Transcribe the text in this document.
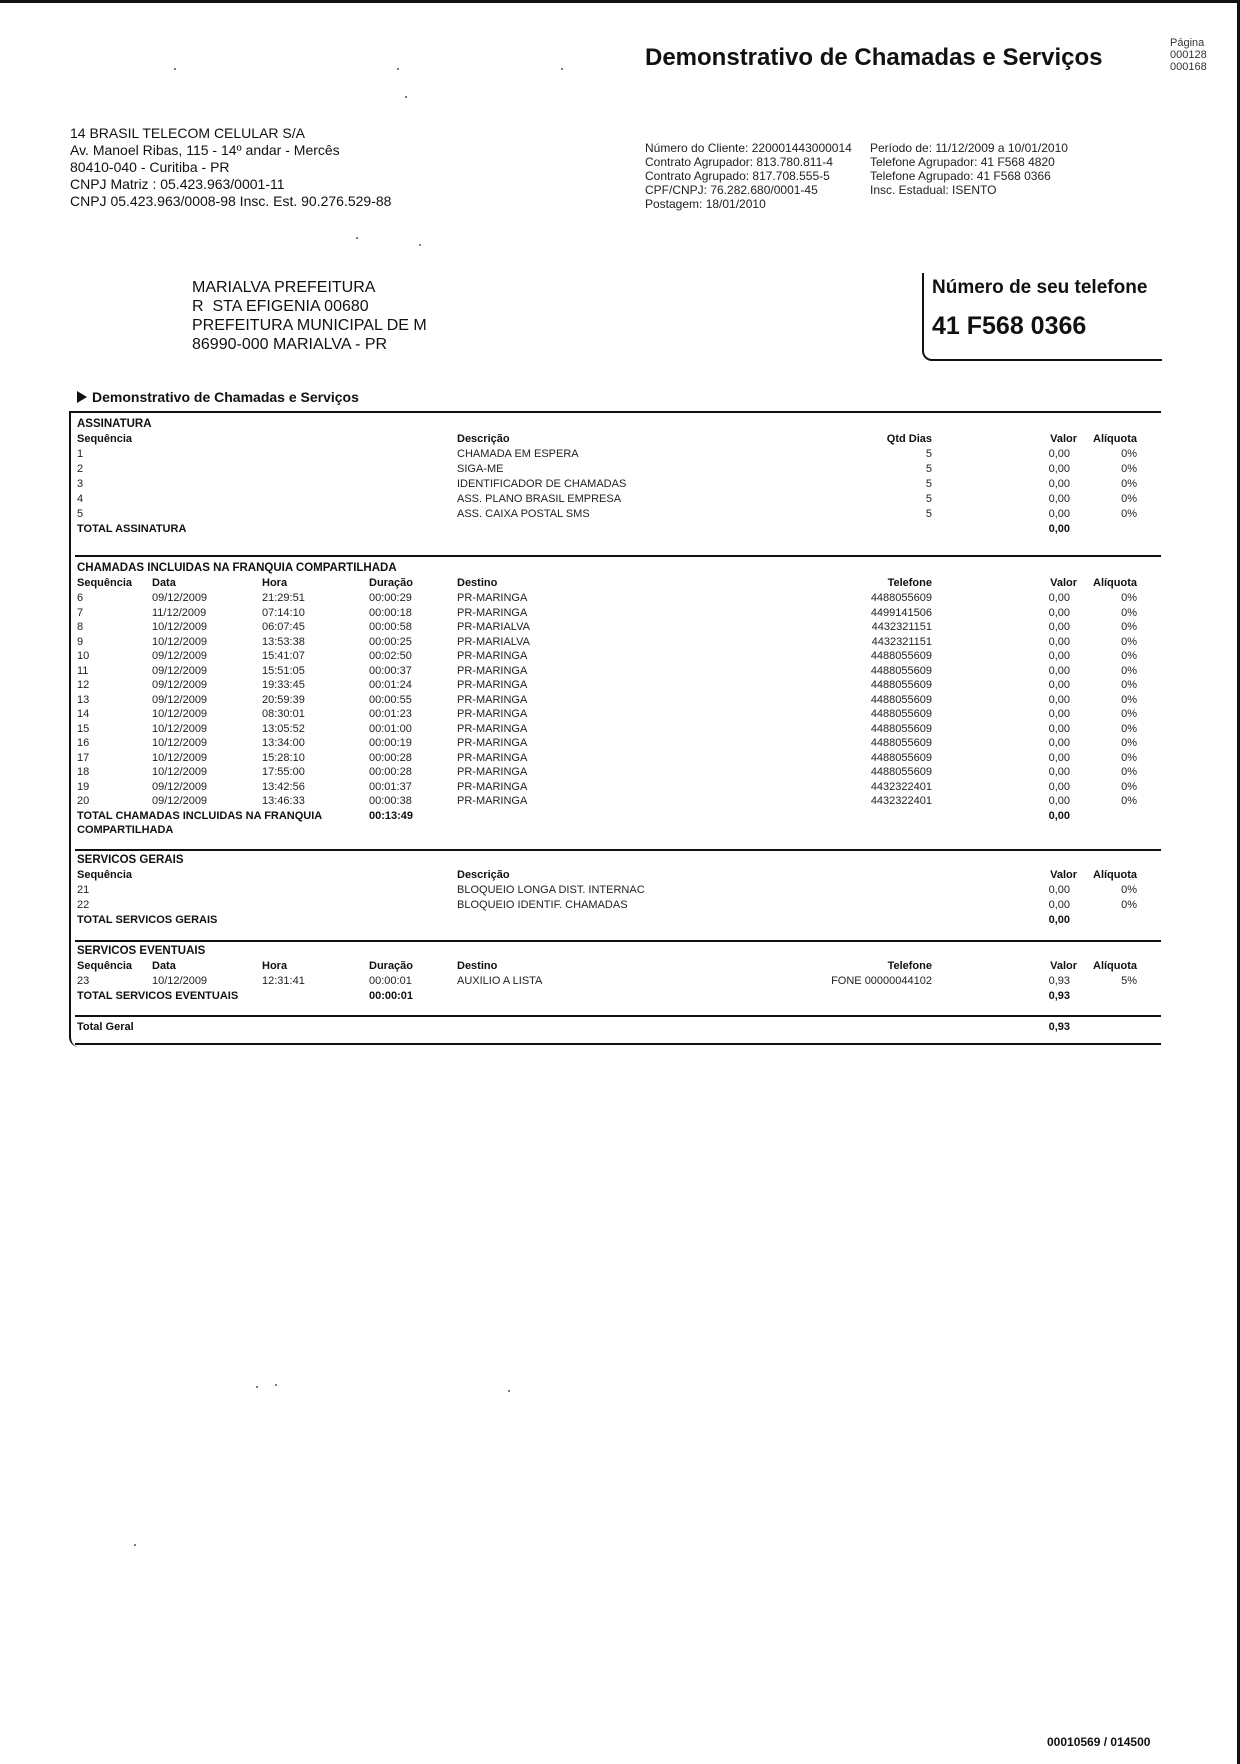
Demonstrativo de Chamadas e Serviços
Página
000128
000168
14 BRASIL TELECOM CELULAR S/A
Av. Manoel Ribas, 115 - 14º andar - Mercês
80410-040 - Curitiba - PR
CNPJ Matriz : 05.423.963/0001-11
CNPJ 05.423.963/0008-98 Insc. Est. 90.276.529-88
Número do Cliente: 220001443000014
Contrato Agrupador: 813.780.811-4
Contrato Agrupado: 817.708.555-5
CPF/CNPJ: 76.282.680/0001-45
Postagem: 18/01/2010
Período de: 11/12/2009 a 10/01/2010
Telefone Agrupador: 41 F568 4820
Telefone Agrupado: 41 F568 0366
Insc. Estadual: ISENTO
MARIALVA PREFEITURA
R  STA EFIGENIA 00680
PREFEITURA MUNICIPAL DE M
86990-000 MARIALVA - PR
Número de seu telefone
41 F568 0366
Demonstrativo de Chamadas e Serviços
ASSINATURA
Sequência	Descrição	Qtd Dias	Valor	Alíquota
1	CHAMADA EM ESPERA	5	0,00	0%
2	SIGA-ME	5	0,00	0%
3	IDENTIFICADOR DE CHAMADAS	5	0,00	0%
4	ASS. PLANO BRASIL EMPRESA	5	0,00	0%
5	ASS. CAIXA POSTAL SMS	5	0,00	0%
TOTAL ASSINATURA	0,00
CHAMADAS INCLUIDAS NA FRANQUIA COMPARTILHADA
Sequência Data	Hora	Duração	Destino	Telefone	Valor	Alíquota
6	09/12/2009	21:29:51	00:00:29	PR-MARINGA	4488055609	0,00	0%
7	11/12/2009	07:14:10	00:00:18	PR-MARINGA	4499141506	0,00	0%
8	10/12/2009	06:07:45	00:00:58	PR-MARIALVA	4432321151	0,00	0%
9	10/12/2009	13:53:38	00:00:25	PR-MARIALVA	4432321151	0,00	0%
10	09/12/2009	15:41:07	00:02:50	PR-MARINGA	4488055609	0,00	0%
11	09/12/2009	15:51:05	00:00:37	PR-MARINGA	4488055609	0,00	0%
12	09/12/2009	19:33:45	00:01:24	PR-MARINGA	4488055609	0,00	0%
13	09/12/2009	20:59:39	00:00:55	PR-MARINGA	4488055609	0,00	0%
14	10/12/2009	08:30:01	00:01:23	PR-MARINGA	4488055609	0,00	0%
15	10/12/2009	13:05:52	00:01:00	PR-MARINGA	4488055609	0,00	0%
16	10/12/2009	13:34:00	00:00:19	PR-MARINGA	4488055609	0,00	0%
17	10/12/2009	15:28:10	00:00:28	PR-MARINGA	4488055609	0,00	0%
18	10/12/2009	17:55:00	00:00:28	PR-MARINGA	4488055609	0,00	0%
19	09/12/2009	13:42:56	00:01:37	PR-MARINGA	4432322401	0,00	0%
20	09/12/2009	13:46:33	00:00:38	PR-MARINGA	4432322401	0,00	0%
TOTAL CHAMADAS INCLUIDAS NA FRANQUIA
COMPARTILHADA
00:13:49	0,00
SERVICOS GERAIS
Sequência	Descrição	Valor	Alíquota
21	BLOQUEIO LONGA DIST. INTERNAC	0,00	0%
22	BLOQUEIO IDENTIF. CHAMADAS	0,00	0%
TOTAL SERVICOS GERAIS	0,00
SERVICOS EVENTUAIS
Sequência Data	Hora	Duração	Destino	Telefone	Valor	Alíquota
23	10/12/2009	12:31:41	00:00:01	AUXILIO A LISTA	FONE 00000044102	0,93	5%
TOTAL SERVICOS EVENTUAIS	00:00:01	0,93
Total Geral	0,93
00010569 / 014500
